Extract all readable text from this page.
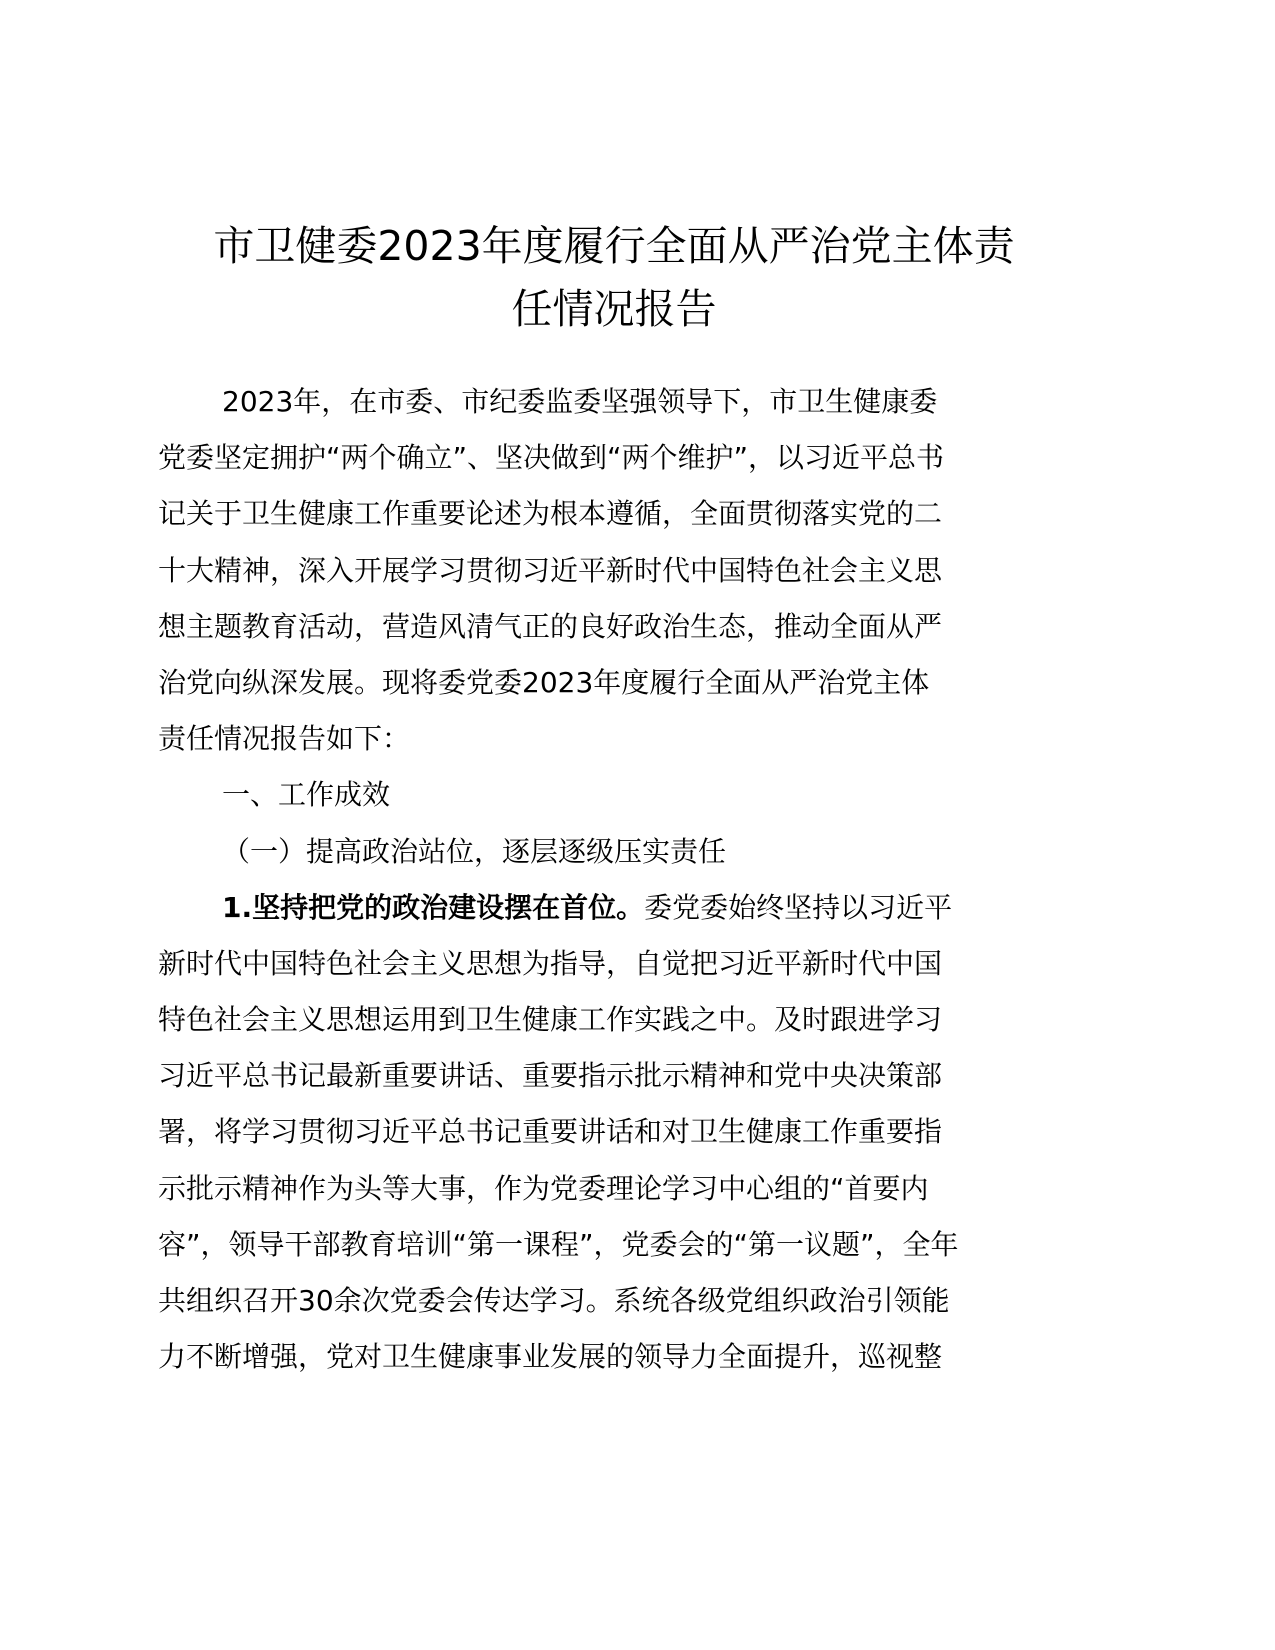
市卫健委2023年度履行全面从严治党主体责
任情况报告
2023年，在市委、市纪委监委坚强领导下，市卫生健康委
党委坚定拥护“两个确立”、坚决做到“两个维护”，以习近平总书
记关于卫生健康工作重要论述为根本遵循，全面贯彻落实党的二
十大精神，深入开展学习贯彻习近平新时代中国特色社会主义思
想主题教育活动，营造风清气正的良好政治生态，推动全面从严
治党向纵深发展。现将委党委2023年度履行全面从严治党主体
责任情况报告如下：
一、工作成效
（一）提高政治站位，逐层逐级压实责任
1.坚持把党的政治建设摆在首位。委党委始终坚持以习近平
新时代中国特色社会主义思想为指导，自觉把习近平新时代中国
特色社会主义思想运用到卫生健康工作实践之中。及时跟进学习
习近平总书记最新重要讲话、重要指示批示精神和党中央决策部
署，将学习贯彻习近平总书记重要讲话和对卫生健康工作重要指
示批示精神作为头等大事，作为党委理论学习中心组的“首要内
容”，领导干部教育培训“第一课程”，党委会的“第一议题”，全年
共组织召开30余次党委会传达学习。系统各级党组织政治引领能
力不断增强，党对卫生健康事业发展的领导力全面提升，巡视整
